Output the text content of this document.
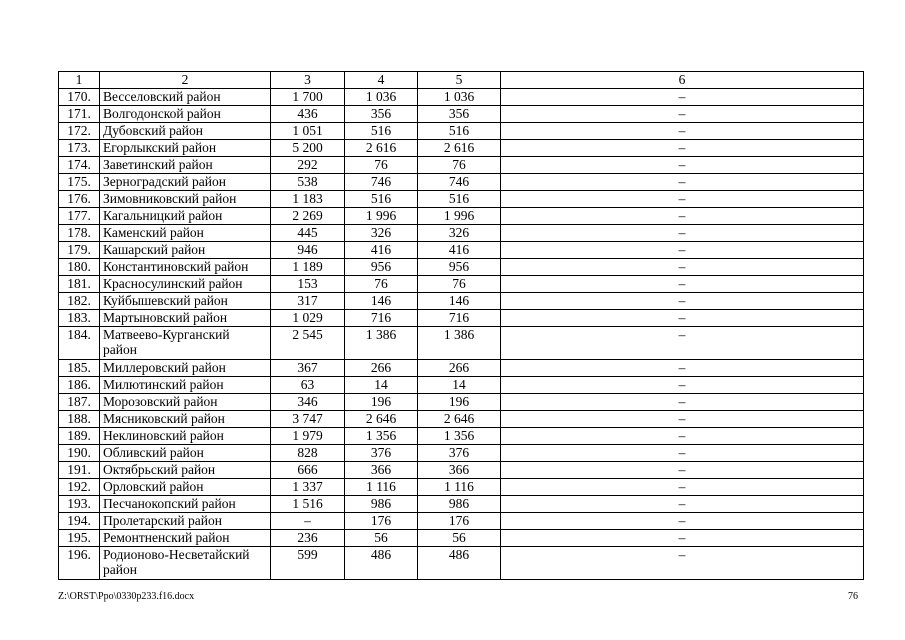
1	2	3	4	5	6
170.	Весселовский район	1 700	1 036	1 036	–
171.	Волгодонской район	436	356	356	–
172.	Дубовский район	1 051	516	516	–
173.	Егорлыкский район	5 200	2 616	2 616	–
174.	Заветинский район	292	76	76	–
175.	Зерноградский район	538	746	746	–
176.	Зимовниковский район	1 183	516	516	–
177.	Кагальницкий район	2 269	1 996	1 996	–
178.	Каменский район	445	326	326	–
179.	Кашарский район	946	416	416	–
180.	Константиновский район	1 189	956	956	–
181.	Красносулинский район	153	76	76	–
182.	Куйбышевский район	317	146	146	–
183.	Мартыновский район	1 029	716	716	–
184.	Матвеево-Курганский район	2 545	1 386	1 386	–
185.	Миллеровский район	367	266	266	–
186.	Милютинский район	63	14	14	–
187.	Морозовский район	346	196	196	–
188.	Мясниковский район	3 747	2 646	2 646	–
189.	Неклиновский район	1 979	1 356	1 356	–
190.	Обливский район	828	376	376	–
191.	Октябрьский район	666	366	366	–
192.	Орловский район	1 337	1 116	1 116	–
193.	Песчанокопский район	1 516	986	986	–
194.	Пролетарский район	–	176	176	–
195.	Ремонтненский район	236	56	56	–
196.	Родионово-Несветайский район	599	486	486	–
Z:\ORST\Ppo\0330p233.f16.docx	76
